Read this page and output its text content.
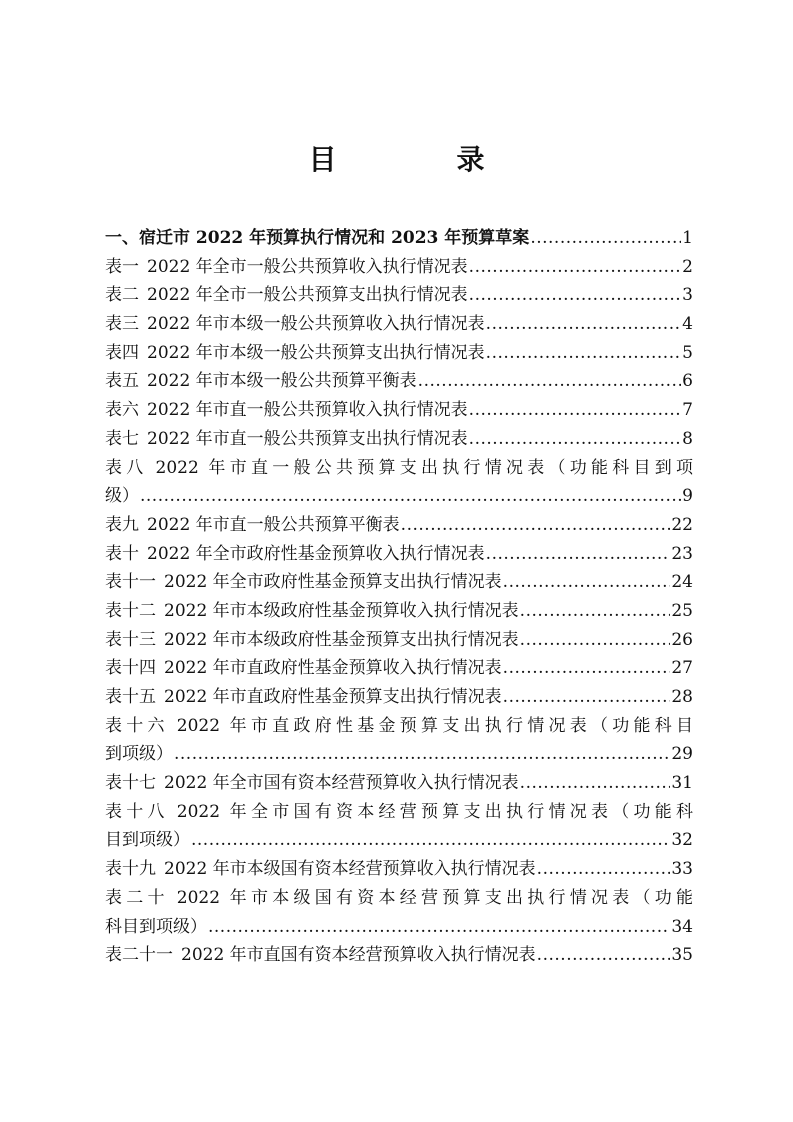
目　录
一、宿迁市 2022 年预算执行情况和 2023 年预算草案 .....	1
表一 2022 年全市一般公共预算收入执行情况表 .....	2
表二 2022 年全市一般公共预算支出执行情况表 .....	3
表三 2022 年市本级一般公共预算收入执行情况表 .....	4
表四 2022 年市本级一般公共预算支出执行情况表 .....	5
表五 2022 年市本级一般公共预算平衡表 .....	6
表六 2022 年市直一般公共预算收入执行情况表 .....	7
表七 2022 年市直一般公共预算支出执行情况表 .....	8
表八 2022 年市直一般公共预算支出执行情况表（功能科目到项
级） .....	9
表九 2022 年市直一般公共预算平衡表 .....	22
表十 2022 年全市政府性基金预算收入执行情况表 .....	23
表十一 2022 年全市政府性基金预算支出执行情况表 .....	24
表十二 2022 年市本级政府性基金预算收入执行情况表 .....	25
表十三 2022 年市本级政府性基金预算支出执行情况表 .....	26
表十四 2022 年市直政府性基金预算收入执行情况表 .....	27
表十五 2022 年市直政府性基金预算支出执行情况表 .....	28
表十六 2022 年市直政府性基金预算支出执行情况表（功能科目
到项级） .....	29
表十七 2022 年全市国有资本经营预算收入执行情况表 .....	31
表十八 2022 年全市国有资本经营预算支出执行情况表（功能科
目到项级） .....	32
表十九 2022 年市本级国有资本经营预算收入执行情况表 .....	33
表二十 2022 年市本级国有资本经营预算支出执行情况表（功能
科目到项级） .....	34
表二十一 2022 年市直国有资本经营预算收入执行情况表 .....	35
